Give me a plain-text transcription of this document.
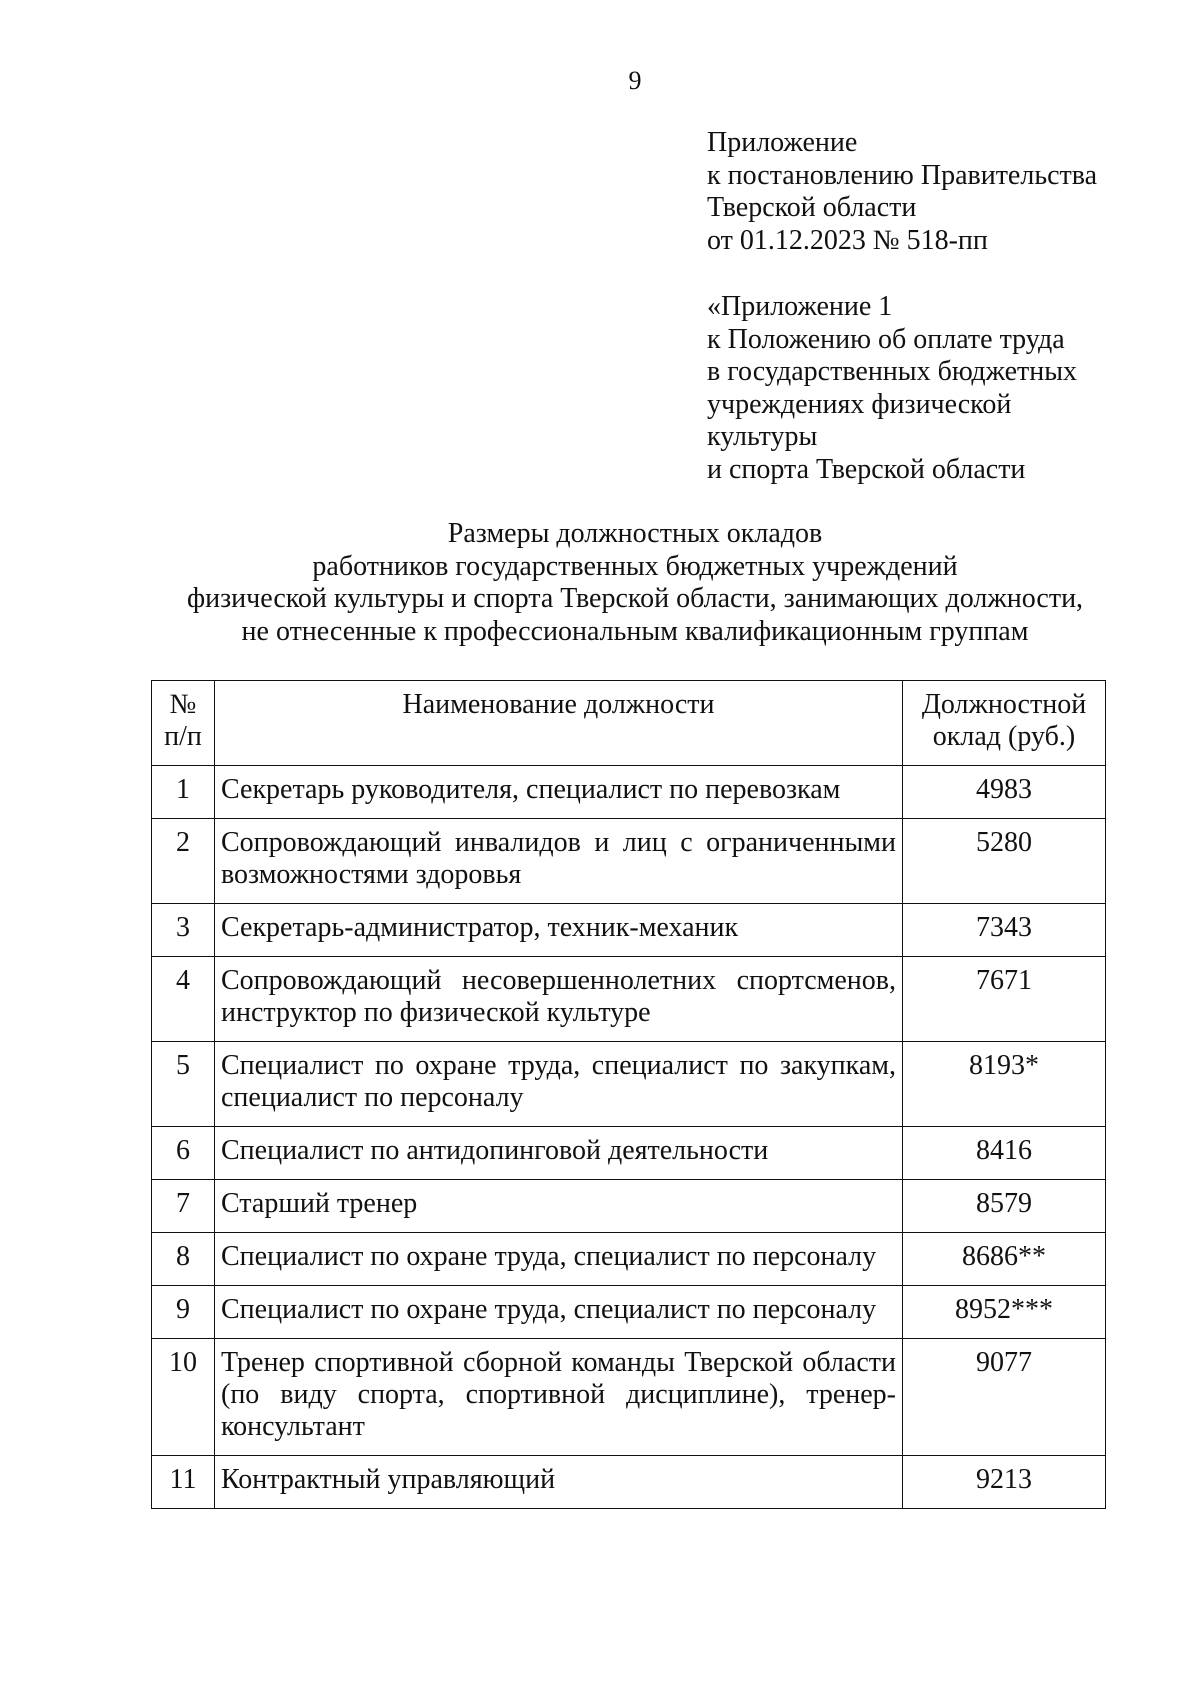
9
Приложение
к постановлению Правительства
Тверской области
от 01.12.2023 № 518-пп
«Приложение 1
к Положению об оплате труда
в государственных бюджетных
учреждениях физической
культуры
и спорта Тверской области
Размеры должностных окладов
работников государственных бюджетных учреждений
физической культуры и спорта Тверской области, занимающих должности,
не отнесенные к профессиональным квалификационным группам
№ п/п	Наименование должности	Должностной оклад (руб.)
1	Секретарь руководителя, специалист по перевозкам	4983
2	Сопровождающий инвалидов и лиц с ограниченными возможностями здоровья	5280
3	Секретарь-администратор, техник-механик	7343
4	Сопровождающий несовершеннолетних спортсменов, инструктор по физической культуре	7671
5	Специалист по охране труда, специалист по закупкам, специалист по персоналу	8193*
6	Специалист по антидопинговой деятельности	8416
7	Старший тренер	8579
8	Специалист по охране труда, специалист по персоналу	8686**
9	Специалист по охране труда, специалист по персоналу	8952***
10	Тренер спортивной сборной команды Тверской области (по виду спорта, спортивной дисциплине), тренер-консультант	9077
11	Контрактный управляющий	9213
